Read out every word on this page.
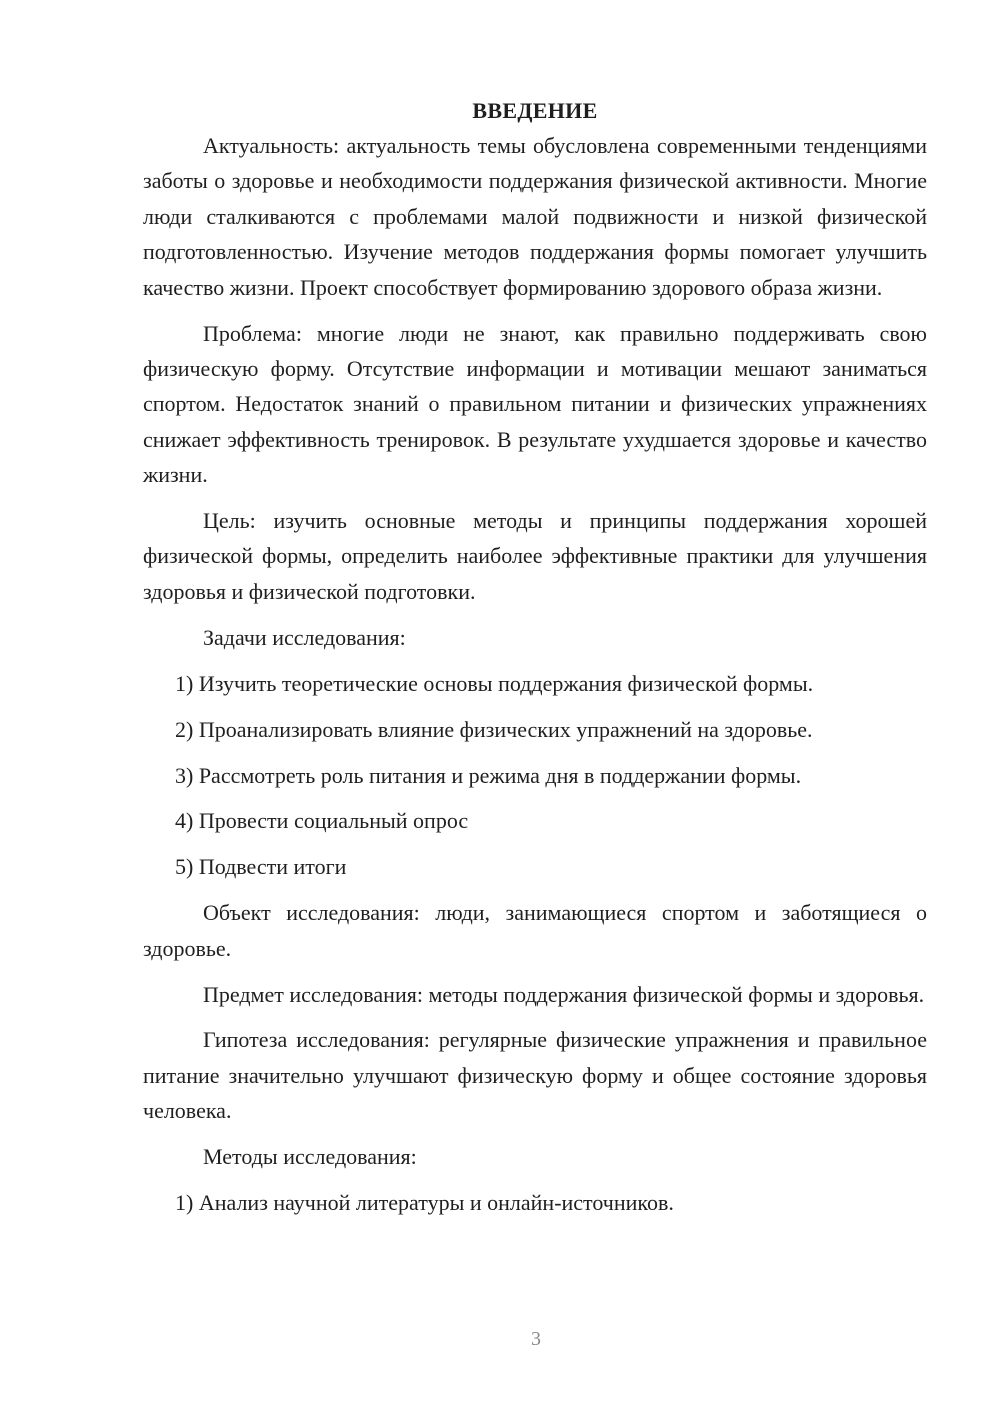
ВВЕДЕНИЕ

Актуальность: актуальность темы обусловлена современными тенденциями заботы о здоровье и необходимости поддержания физической активности. Многие люди сталкиваются с проблемами малой подвижности и низкой физической подготовленностью. Изучение методов поддержания формы помогает улучшить качество жизни. Проект способствует формированию здорового образа жизни.

Проблема: многие люди не знают, как правильно поддерживать свою физическую форму. Отсутствие информации и мотивации мешают заниматься спортом. Недостаток знаний о правильном питании и физических упражнениях снижает эффективность тренировок. В результате ухудшается здоровье и качество жизни.

Цель: изучить основные методы и принципы поддержания хорошей физической формы, определить наиболее эффективные практики для улучшения здоровья и физической подготовки.

Задачи исследования:

1) Изучить теоретические основы поддержания физической формы.

2) Проанализировать влияние физических упражнений на здоровье.

3) Рассмотреть роль питания и режима дня в поддержании формы.

4) Провести социальный опрос

5) Подвести итоги

Объект исследования: люди, занимающиеся спортом и заботящиеся о здоровье.

Предмет исследования: методы поддержания физической формы и здоровья.

Гипотеза исследования: регулярные физические упражнения и правильное питание значительно улучшают физическую форму и общее состояние здоровья человека.

Методы исследования:

1) Анализ научной литературы и онлайн-источников.

3
